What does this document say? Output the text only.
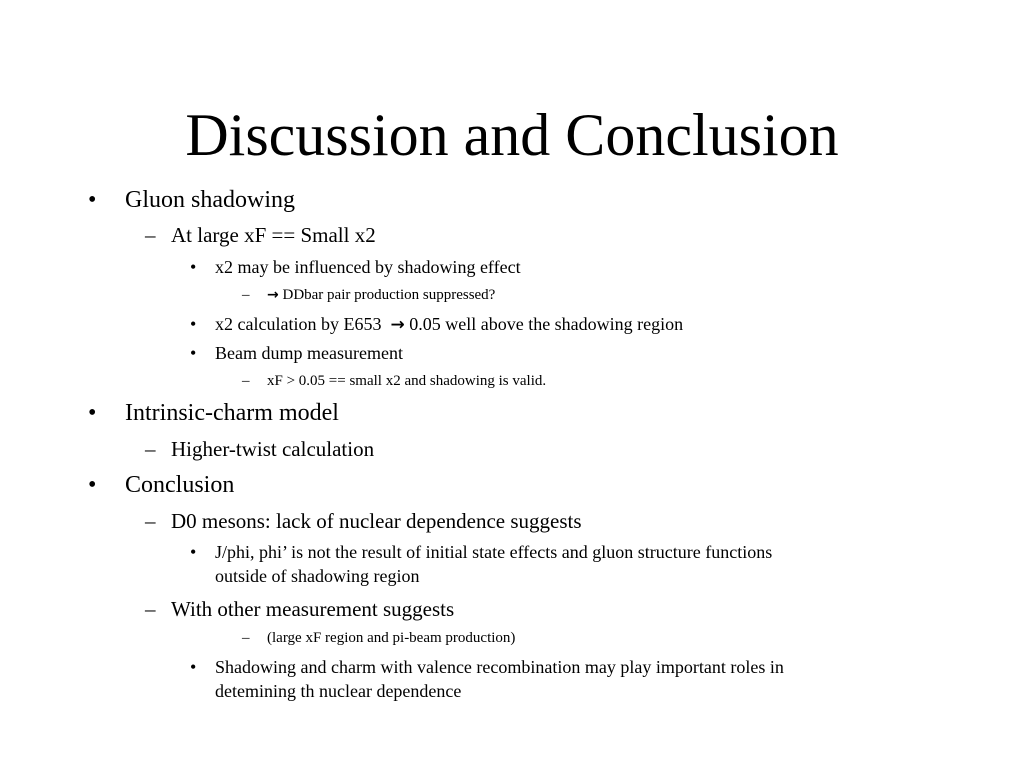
Discussion and Conclusion
• Gluon shadowing
– At large xF == Small x2
• x2 may be influenced by shadowing effect
– → DDbar pair production suppressed?
• x2 calculation by E653 → 0.05 well above the shadowing region
• Beam dump measurement
– xF > 0.05 == small x2 and shadowing is valid.
• Intrinsic-charm model
– Higher-twist calculation
• Conclusion
– D0 mesons: lack of nuclear dependence suggests
• J/phi, phi’ is not the result of initial state effects and gluon structure functions
outside of shadowing region
– With other measurement suggests
– (large xF region and pi-beam production)
• Shadowing and charm with valence recombination may play important roles in
detemining th nuclear dependence
